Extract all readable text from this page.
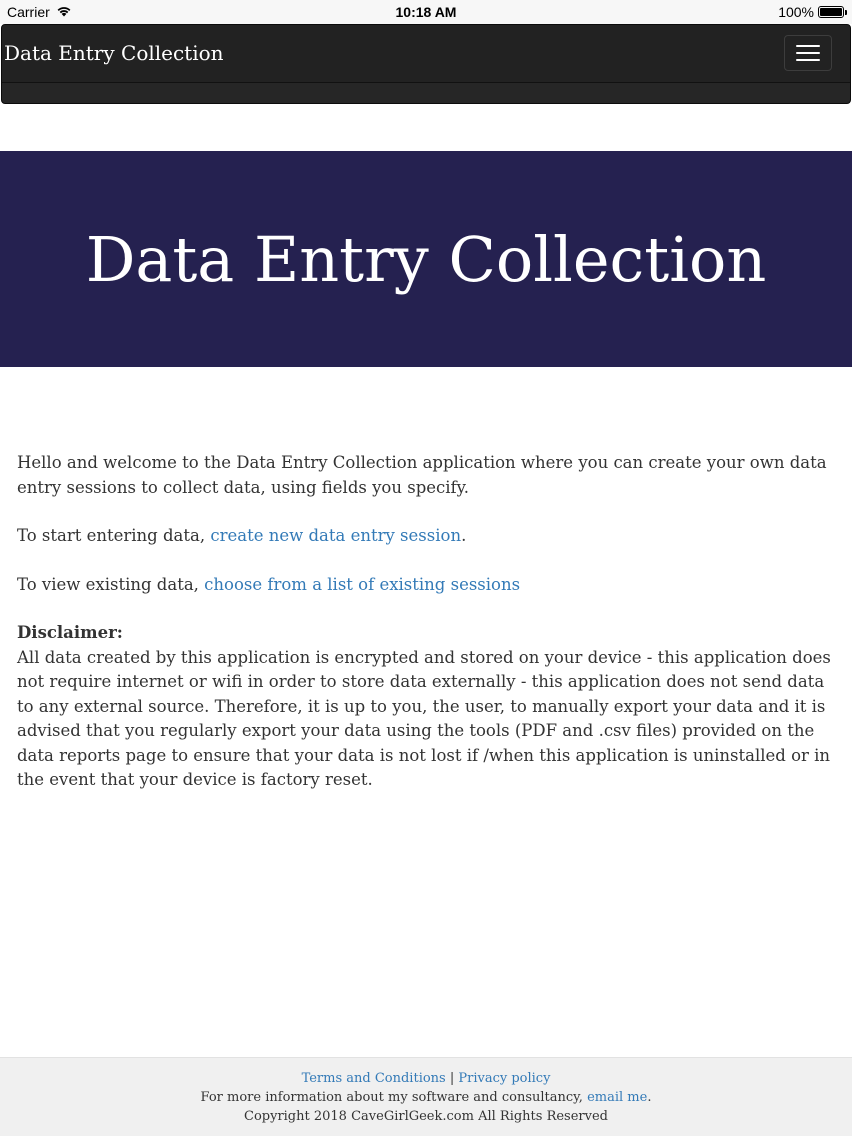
Carrier	10:18 AM	100%
Data Entry Collection
Data Entry Collection

Hello and welcome to the Data Entry Collection application where you can create your own data entry sessions to collect data, using fields you specify.

To start entering data, create new data entry session.

To view existing data, choose from a list of existing sessions

Disclaimer:
All data created by this application is encrypted and stored on your device - this application does not require internet or wifi in order to store data externally - this application does not send data to any external source. Therefore, it is up to you, the user, to manually export your data and it is advised that you regularly export your data using the tools (PDF and .csv files) provided on the data reports page to ensure that your data is not lost if /when this application is uninstalled or in the event that your device is factory reset.

Terms and Conditions | Privacy policy
For more information about my software and consultancy, email me.
Copyright 2018 CaveGirlGeek.com All Rights Reserved
